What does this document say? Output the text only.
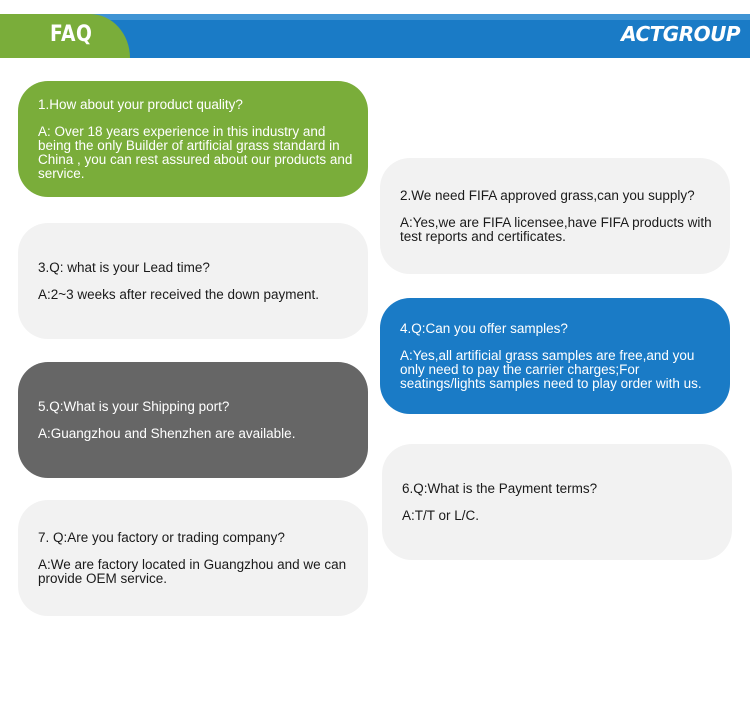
FAQ	ACTGROUP

1.How about your product quality?

A: Over 18 years experience in this industry and being the only Builder of artificial grass standard in China , you can rest assured about our products and service.

2.We need FIFA approved grass,can you supply?

A:Yes,we are FIFA licensee,have FIFA products with test reports and certificates.

3.Q: what is your Lead time?

A:2~3 weeks after received the down payment.

4.Q:Can you offer samples?

A:Yes,all artificial grass samples are free,and you only need to pay the carrier charges;For seatings/lights samples need to play order with us.

5.Q:What is your Shipping port?

A:Guangzhou and Shenzhen are available.

6.Q:What is the Payment terms?

A:T/T or L/C.

7. Q:Are you factory or trading company?

A:We are factory located in Guangzhou and we can provide OEM service.
